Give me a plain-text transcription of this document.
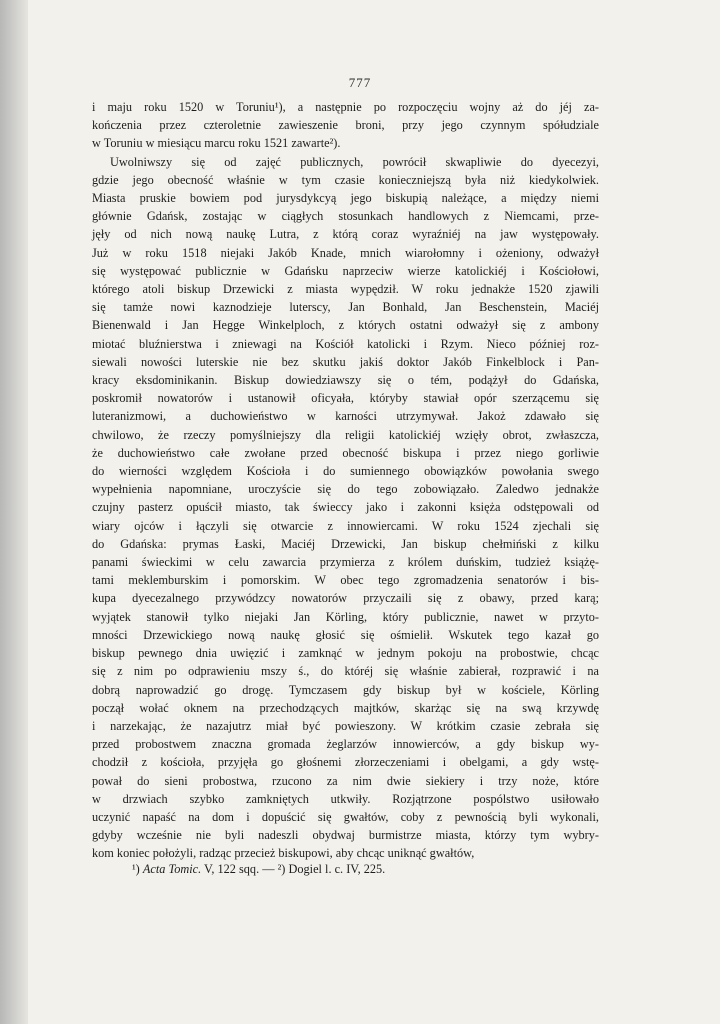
777
i maju roku 1520 w Toruniu¹), a następnie po rozpoczęciu wojny aż do jéj za-
kończenia przez czteroletnie zawieszenie broni, przy jego czynnym spółudziale
w Toruniu w miesiącu marcu roku 1521 zawarte²).
Uwolniwszy się od zajęć publicznych, powrócił skwapliwie do dyecezyi,
gdzie jego obecność właśnie w tym czasie konieczniejszą była niż kiedykolwiek.
Miasta pruskie bowiem pod jurysdykcyą jego biskupią należące, a między niemi
głównie Gdańsk, zostając w ciągłych stosunkach handlowych z Niemcami, prze-
jęły od nich nową naukę Lutra, z którą coraz wyraźniéj na jaw występowały.
Już w roku 1518 niejaki Jakób Knade, mnich wiarołomny i ożeniony, odważył
się występować publicznie w Gdańsku naprzeciw wierze katolickiéj i Kościołowi,
którego atoli biskup Drzewicki z miasta wypędził. W roku jednakże 1520 zjawili
się tamże nowi kaznodzieje luterscy, Jan Bonhald, Jan Beschenstein, Maciéj
Bienenwald i Jan Hegge Winkelploch, z których ostatni odważył się z ambony
miotać bluźnierstwa i zniewagi na Kościół katolicki i Rzym. Nieco później roz-
siewali nowości luterskie nie bez skutku jakiś doktor Jakób Finkelblock i Pan-
kracy eksdominikanin. Biskup dowiedziawszy się o tém, podążył do Gdańska,
poskromił nowatorów i ustanowił oficyała, któryby stawiał opór szerzącemu się
luteranizmowi, a duchowieństwo w karności utrzymywał. Jakoż zdawało się
chwilowo, że rzeczy pomyślniejszy dla religii katolickiéj wzięły obrot, zwłaszcza,
że duchowieństwo całe zwołane przed obecność biskupa i przez niego gorliwie
do wierności względem Kościoła i do sumiennego obowiązków powołania swego
wypełnienia napomniane, uroczyście się do tego zobowiązało. Zaledwo jednakże
czujny pasterz opuścił miasto, tak świeccy jako i zakonni księża odstępowali od
wiary ojców i łączyli się otwarcie z innowiercami. W roku 1524 zjechali się
do Gdańska: prymas Łaski, Maciéj Drzewicki, Jan biskup chełmiński z kilku
panami świeckimi w celu zawarcia przymierza z królem duńskim, tudzież książę-
tami meklemburskim i pomorskim. W obec tego zgromadzenia senatorów i bis-
kupa dyecezalnego przywódzcy nowatorów przyczaili się z obawy, przed karą;
wyjątek stanowił tylko niejaki Jan Körling, który publicznie, nawet w przyto-
mności Drzewickiego nową naukę głosić się ośmielił. Wskutek tego kazał go
biskup pewnego dnia uwięzić i zamknąć w jednym pokoju na probostwie, chcąc
się z nim po odprawieniu mszy ś., do któréj się właśnie zabierał, rozprawić i na
dobrą naprowadzić go drogę. Tymczasem gdy biskup był w kościele, Körling
począł wołać oknem na przechodzących majtków, skarżąc się na swą krzywdę
i narzekając, że nazajutrz miał być powieszony. W krótkim czasie zebrała się
przed probostwem znaczna gromada żeglarzów innowierców, a gdy biskup wy-
chodził z kościoła, przyjęła go głośnemi złorzeczeniami i obelgami, a gdy wstę-
pował do sieni probostwa, rzucono za nim dwie siekiery i trzy noże, które
w drzwiach szybko zamkniętych utkwiły. Rozjątrzone pospólstwo usiłowało
uczynić napaść na dom i dopuścić się gwałtów, coby z pewnością byli wykonali,
gdyby wcześnie nie byli nadeszli obydwaj burmistrze miasta, którzy tym wybry-
kom koniec położyli, radząc przecież biskupowi, aby chcąc uniknąć gwałtów,
¹) Acta Tomic. V, 122 sqq. — ²) Dogiel l. c. IV, 225.
